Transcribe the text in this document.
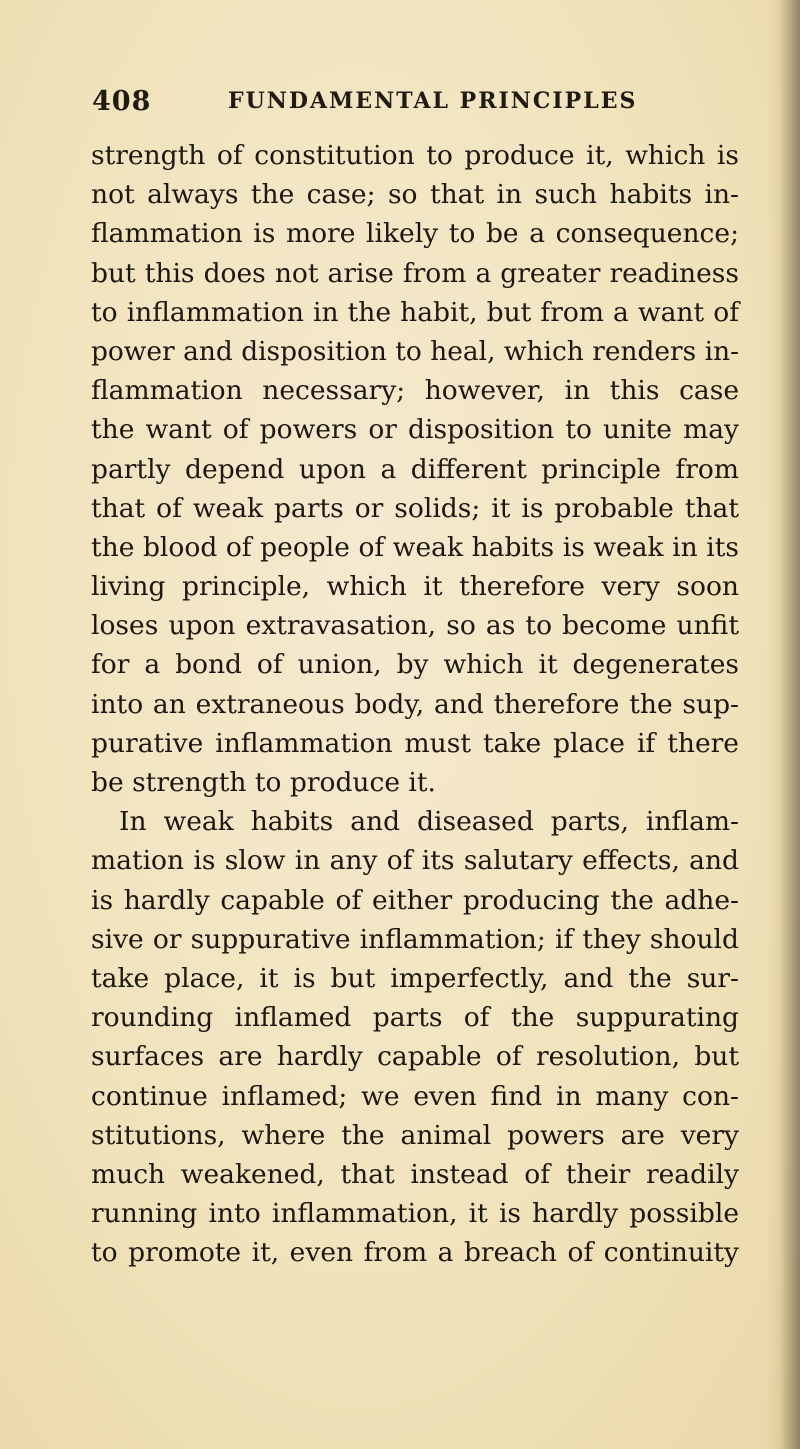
408	FUNDAMENTAL PRINCIPLES
strength of constitution to produce it, which is
not always the case; so that in such habits in-
flammation is more likely to be a consequence;
but this does not arise from a greater readiness
to inflammation in the habit, but from a want of
power and disposition to heal, which renders in-
flammation necessary; however, in this case
the want of powers or disposition to unite may
partly depend upon a different principle from
that of weak parts or solids; it is probable that
the blood of people of weak habits is weak in its
living principle, which it therefore very soon
loses upon extravasation, so as to become unfit
for a bond of union, by which it degenerates
into an extraneous body, and therefore the sup-
purative inflammation must take place if there
be strength to produce it.
In weak habits and diseased parts, inflam-
mation is slow in any of its salutary effects, and
is hardly capable of either producing the adhe-
sive or suppurative inflammation; if they should
take place, it is but imperfectly, and the sur-
rounding inflamed parts of the suppurating
surfaces are hardly capable of resolution, but
continue inflamed; we even find in many con-
stitutions, where the animal powers are very
much weakened, that instead of their readily
running into inflammation, it is hardly possible
to promote it, even from a breach of continuity
